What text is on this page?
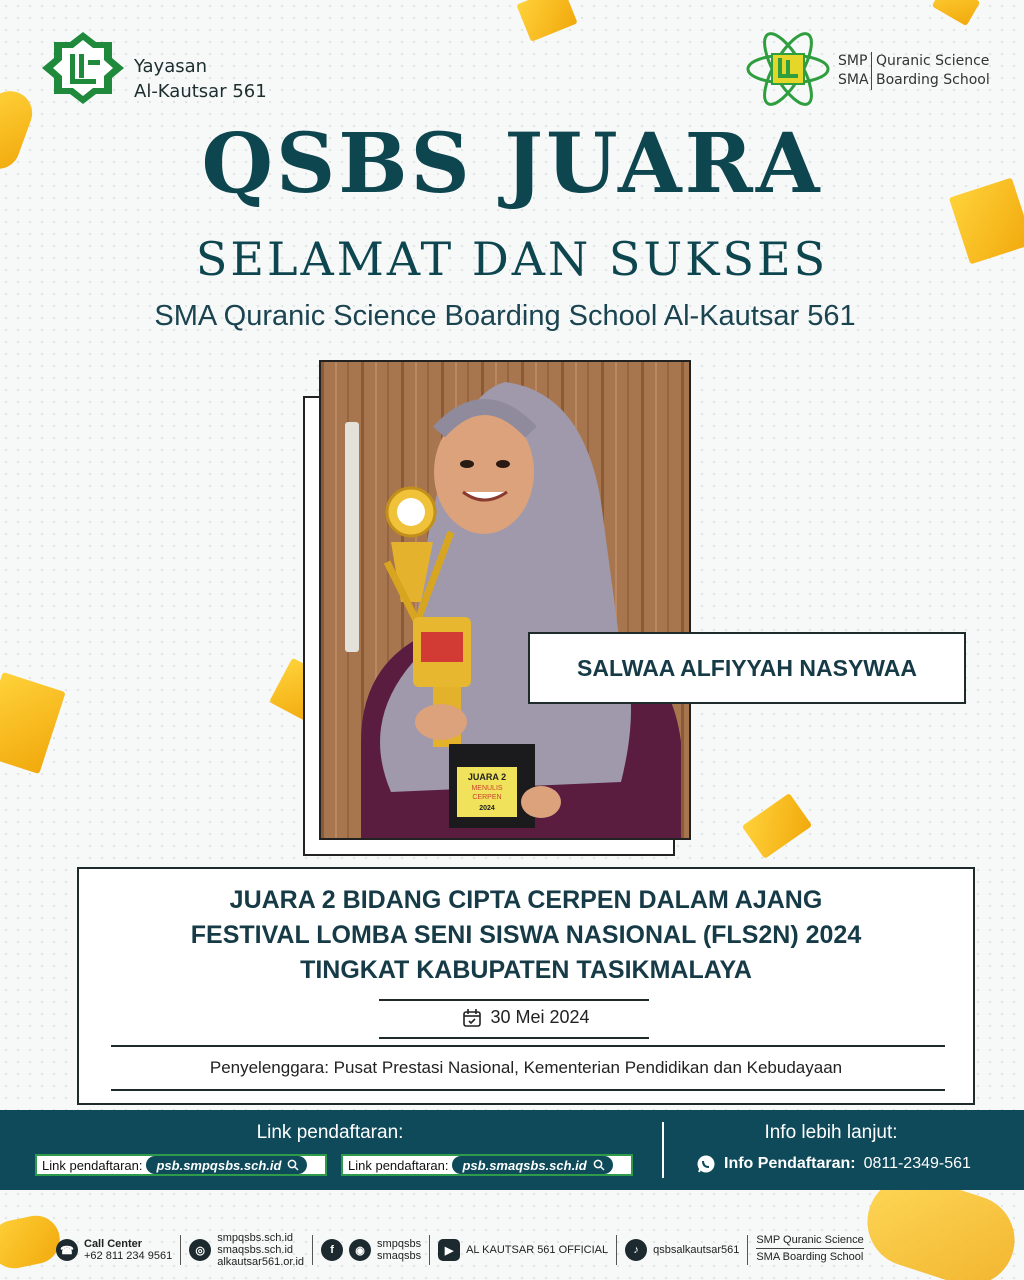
Yayasan
Al-Kautsar 561
SMP Quranic Science
SMA Boarding School
QSBS JUARA
SELAMAT DAN SUKSES
SMA Quranic Science Boarding School Al-Kautsar 561
JUARA 2
MENULIS
CERPEN
2024
SALWAA ALFIYYAH NASYWAA
JUARA 2 BIDANG CIPTA CERPEN DALAM AJANG
FESTIVAL LOMBA SENI SISWA NASIONAL (FLS2N) 2024
TINGKAT KABUPATEN TASIKMALAYA
30 Mei 2024
Penyelenggara: Pusat Prestasi Nasional, Kementerian Pendidikan dan Kebudayaan
Link pendaftaran:
Link pendaftaran: psb.smpqsbs.sch.id	Link pendaftaran: psb.smaqsbs.sch.id
Info lebih lanjut:
Info Pendaftaran: 0811-2349-561
☎
Call Center
+62 811 234 9561	◎
smpqsbs.sch.id
smaqsbs.sch.id
alkautsar561.or.id
f	◉
smpqsbs
smaqsbs	▶	AL KAUTSAR 561 OFFICIAL	♪	qsbsalkautsar561
SMP Quranic Science
SMA Boarding School
